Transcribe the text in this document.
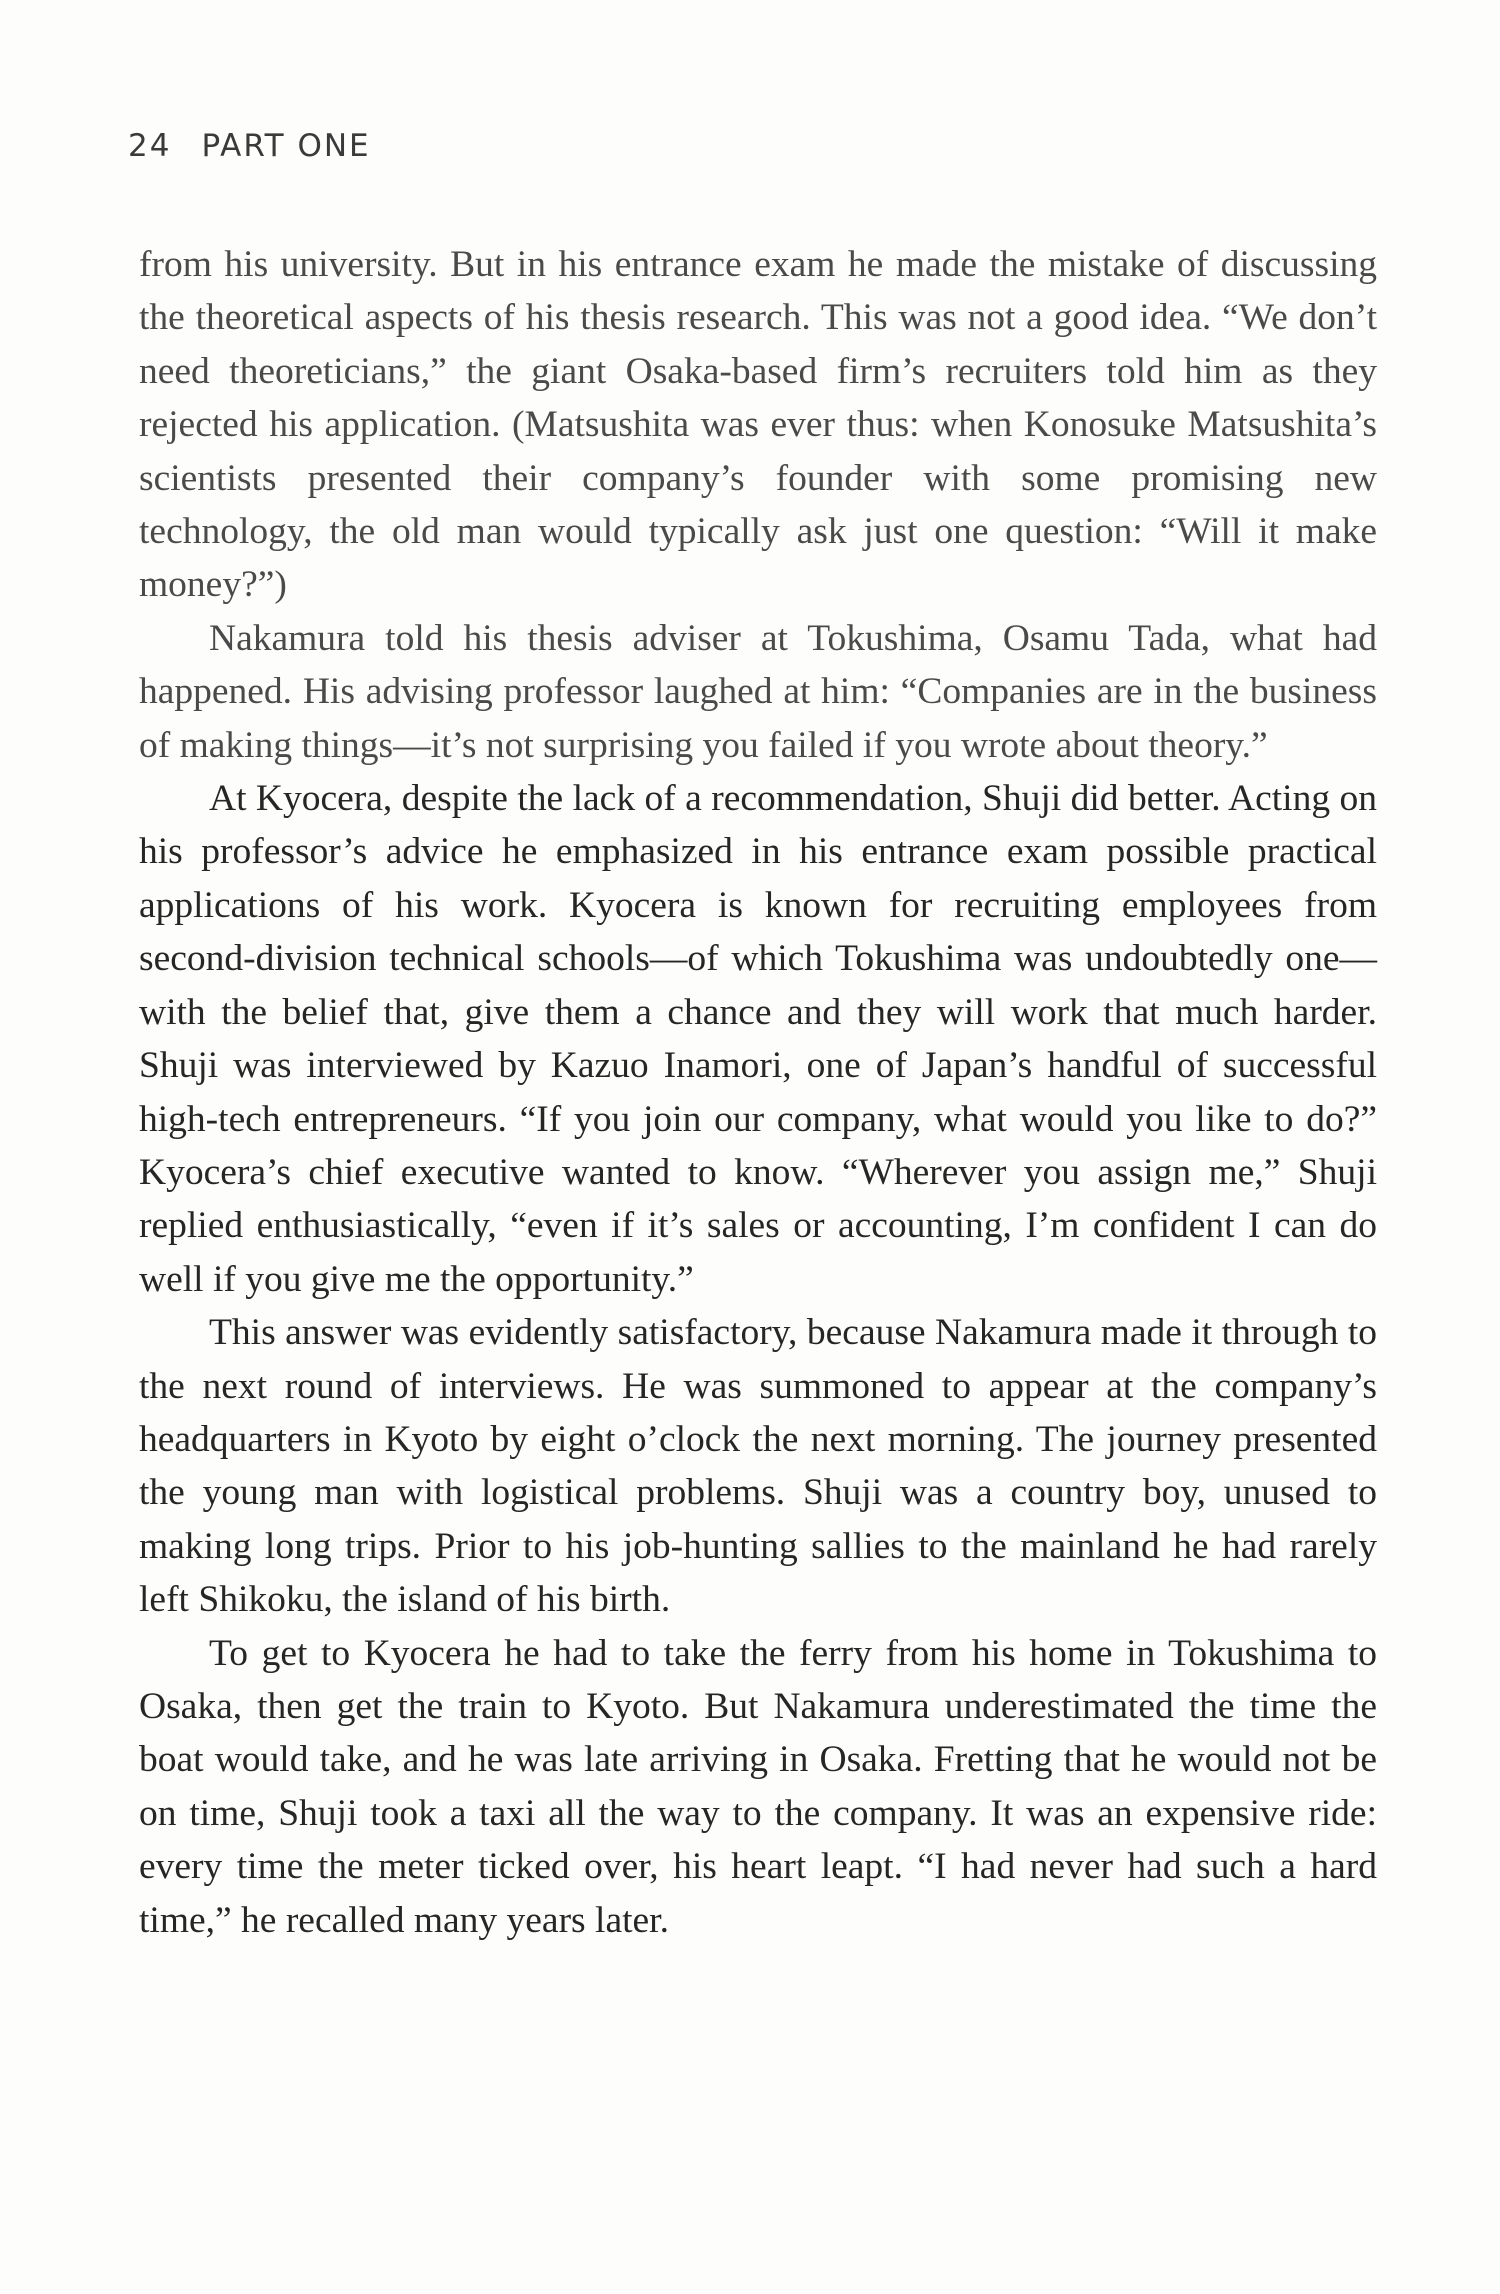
24 PART ONE

from his university. But in his entrance exam he made the mistake of discussing the theoretical aspects of his thesis research. This was not a good idea. “We don’t need theoreticians,” the giant Osaka-based firm’s recruiters told him as they rejected his application. (Matsushita was ever thus: when Konosuke Matsushita’s scientists presented their company’s founder with some promising new technology, the old man would typically ask just one question: “Will it make money?”)

Nakamura told his thesis adviser at Tokushima, Osamu Tada, what had happened. His advising professor laughed at him: “Companies are in the business of making things—it’s not surprising you failed if you wrote about theory.”

At Kyocera, despite the lack of a recommendation, Shuji did better. Acting on his professor’s advice he emphasized in his entrance exam possible practical applications of his work. Kyocera is known for recruiting employees from second-division technical schools—of which Tokushima was undoubtedly one—with the belief that, give them a chance and they will work that much harder. Shuji was interviewed by Kazuo Inamori, one of Japan’s handful of successful high-tech entrepreneurs. “If you join our company, what would you like to do?” Kyocera’s chief executive wanted to know. “Wherever you assign me,” Shuji replied enthusiastically, “even if it’s sales or accounting, I’m confident I can do well if you give me the opportunity.”

This answer was evidently satisfactory, because Nakamura made it through to the next round of interviews. He was summoned to appear at the company’s headquarters in Kyoto by eight o’clock the next morning. The journey presented the young man with logistical problems. Shuji was a country boy, unused to making long trips. Prior to his job-hunting sallies to the mainland he had rarely left Shikoku, the island of his birth.

To get to Kyocera he had to take the ferry from his home in Tokushima to Osaka, then get the train to Kyoto. But Nakamura underestimated the time the boat would take, and he was late arriving in Osaka. Fretting that he would not be on time, Shuji took a taxi all the way to the company. It was an expensive ride: every time the meter ticked over, his heart leapt. “I had never had such a hard time,” he recalled many years later.
